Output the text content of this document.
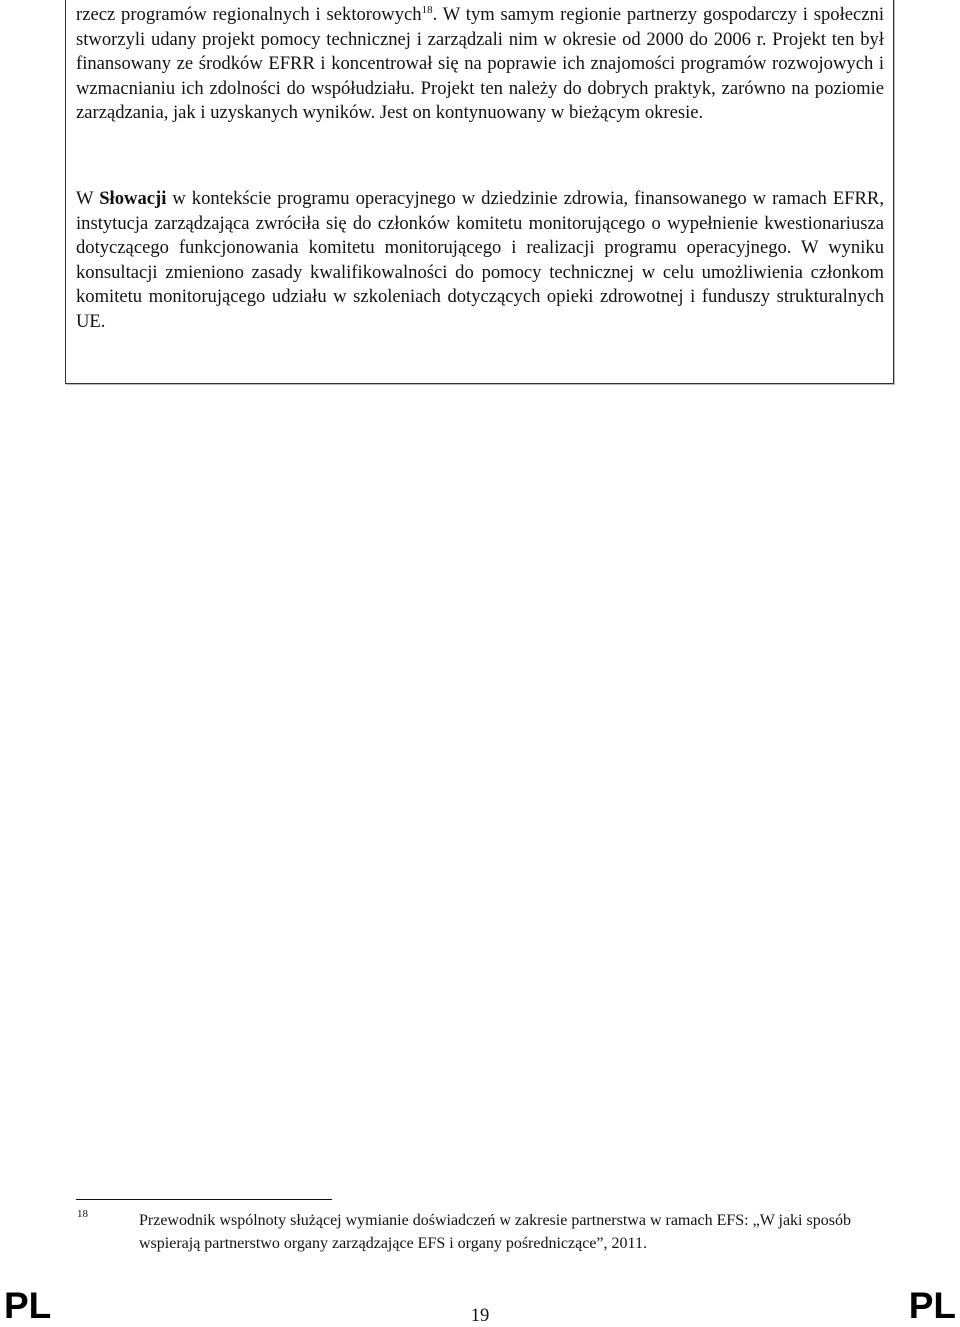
rzecz programów regionalnych i sektorowych$^{18}$. W tym samym regionie partnerzy gospodarczy i społeczni stworzyli udany projekt pomocy technicznej i zarządzali nim w okresie od 2000 do 2006 r. Projekt ten był finansowany ze środków EFRR i koncentrował się na poprawie ich znajomości programów rozwojowych i wzmacnianiu ich zdolności do współudziału. Projekt ten należy do dobrych praktyk, zarówno na poziomie zarządzania, jak i uzyskanych wyników. Jest on kontynuowany w bieżącym okresie.

W Słowacji w kontekście programu operacyjnego w dziedzinie zdrowia, finansowanego w ramach EFRR, instytucja zarządzająca zwróciła się do członków komitetu monitorującego o wypełnienie kwestionariusza dotyczącego funkcjonowania komitetu monitorującego i realizacji programu operacyjnego. W wyniku konsultacji zmieniono zasady kwalifikowalności do pomocy technicznej w celu umożliwienia członkom komitetu monitorującego udziału w szkoleniach dotyczących opieki zdrowotnej i funduszy strukturalnych UE.

18	Przewodnik wspólnoty służącej wymianie doświadczeń w zakresie partnerstwa w ramach EFS: „W jaki sposób wspierają partnerstwo organy zarządzające EFS i organy pośredniczące”, 2011.

PL	19	PL
